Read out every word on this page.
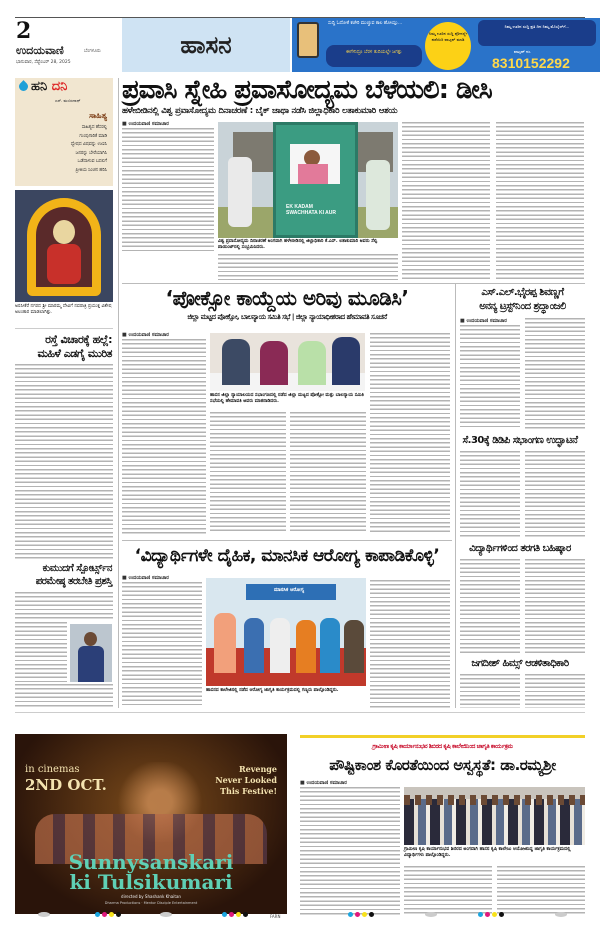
2
ಉದಯವಾಣಿ	ಬೆಂಗಳೂರು
ಭಾನುವಾರ, ಸೆಪ್ಟೆಂಬರ್ 28, 2025
ಹಾಸನ
ಸುದ್ದಿ ಓದೋಕೆ ಕಚೇರಿ ಮುಚ್ಚುವ ಕಾಲ ಹೋಯ್ತು...
ಈಗೇನಿದ್ರೂ ಬೆರಳ ತುದಿಯಲ್ಲೇ ಜಗತ್ತು
ನಿಮ್ಮ ಊರಿನ ಸುದ್ದಿ ಫೋನಲ್ಲೇ ಪಡೆಯಿರಿ ವಾಟ್ಸಪ್ ಮಾಡಿ
ನಿಮ್ಮ ಊರಿನ ಸುದ್ದಿ ಪ್ರತಿ ದಿನ ನಿಮ್ಮ ಮೊಬೈಲ್‌ಗೆ...
ವಾಟ್ಸಪ್ ನಂ.
8310152292
ಹನಿ ದನಿ
ಎಸ್. ಮಂಜುನಾಥ್
ಸಾಹಿತ್ಯ
ಸಾಹಿತ್ಯದ ಹೆಸರಲ್ಲಿ
ಗುಂಪುಗಾರಿಕೆ ಮಾಡಿ
ದ್ವೇಷದ ವಿಷವನ್ನು ಉಣಿಸಿ
ಜನರನ್ನು ಬೇರೆಯಾಗಿಸಿ
ಒಡೆದಾಳುವ ಬದಲಿಗೆ
ಪ್ರೀತಿಯ ಸಿಂಚನ ಹರಿಸಿ
ಅರಸೀಕೆರೆ ನಗರದ ಶ್ರೀ ಮಾರಮ್ಮ ದೇವಿಗೆ ನವರಾತ್ರಿ ಪ್ರಯುಕ್ತ ವಿಶೇಷ ಅಲಂಕಾರ ಮಾಡಲಾಗಿತ್ತು.
ರಸ್ತೆ ವಿಚಾರಕ್ಕೆ ಹಲ್ಲೆ:
ಮಹಿಳೆ ಎಡಗೈ ಮುರಿತ
ಕುಮುದಗೆ ಸ್ಪೋರ್ಟ್ಸ್‌ನ
ಪರಮೇಷ್ಠ ತರಬೇತಿ ಪ್ರಶಸ್ತಿ
ಪ್ರವಾಸಿ ಸ್ನೇಹಿ ಪ್ರವಾಸೋದ್ಯಮ ಬೆಳೆಯಲಿ: ಡೀಸಿ
ಹಳೇಬೀಡಿನಲ್ಲಿ ವಿಶ್ವ ಪ್ರವಾಸೋದ್ಯಮ ದಿನಾಚರಣೆ : ಬೈಕ್ ಜಾಥಾ ನಡೆಸಿ ಜಿಲ್ಲಾಧಿಕಾರಿ ಲತಾಕುಮಾರಿ ಆಶಯ
■ ಉದಯವಾಣಿ ಸಮಾಚಾರ
EK KADAM SWACHHATA KI AUR
ವಿಶ್ವ ಪ್ರವಾಸೋದ್ಯಮ ದಿನಾಚರಣೆ ಅಂಗವಾಗಿ ಹಳೇಬೀಡಿನಲ್ಲಿ ಜಿಲ್ಲಾಧಿಕಾರಿ ಕೆ.ಎಸ್. ಲತಾಕುಮಾರಿ ಅವರು ಸೆಲ್ಫಿ ಪಾಯಿಂಟ್‌ನಲ್ಲಿ ಸಂಭ್ರಮಿಸಿದರು.
‘ಪೋಕ್ಸೋ ಕಾಯ್ದೆಯ ಅರಿವು ಮೂಡಿಸಿ’
ಜಿಲ್ಲಾ ಮಟ್ಟದ ಪೋಕ್ಸೋ, ಬಾಲನ್ಯಾಯ ಸಮಿತಿ ಸಭೆ | ಜಿಲ್ಲಾ ನ್ಯಾಯಾಧೀಶರಾದ ಹೇಮಾವತಿ ಸೂಚನೆ
■ ಉದಯವಾಣಿ ಸಮಾಚಾರ
ಹಾಸನ ಜಿಲ್ಲಾ ನ್ಯಾಯಾಲಯದ ಸಭಾಂಗಣದಲ್ಲಿ ನಡೆದ ಜಿಲ್ಲಾ ಮಟ್ಟದ ಪೋಕ್ಸೋ ಮತ್ತು ಬಾಲನ್ಯಾಯ ಸಮಿತಿ ಸಭೆಯಲ್ಲಿ ಹೇಮಾವತಿ ಅವರು ಮಾತನಾಡಿದರು.
ಎಸ್.ಎಲ್.ಭೈರಪ್ಪ ಶಿವಣ್ಣಗೆ
ಅನನ್ಯ ಟ್ರಸ್ಟ್‌ನಿಂದ ಶ್ರದ್ಧಾಂಜಲಿ
■ ಉದಯವಾಣಿ ಸಮಾಚಾರ
ಸೆ.30ಕ್ಕೆ ಡಿಡಿಪಿ ಸಭಾಂಗಣ ಉದ್ಘಾಟನೆ
ವಿದ್ಯಾರ್ಥಿಗಳಿಂದ ತರಗತಿ ಬಹಿಷ್ಕಾರ
ಜಗದೀಶ್ ಹಿಮ್ಸ್ ಆಡಳಿತಾಧಿಕಾರಿ
‘ವಿದ್ಯಾರ್ಥಿಗಳೇ ದೈಹಿಕ, ಮಾನಸಿಕ ಆರೋಗ್ಯ ಕಾಪಾಡಿಕೊಳ್ಳಿ’
■ ಉದಯವಾಣಿ ಸಮಾಚಾರ
ಮಾನಸಿಕ ಆರೋಗ್ಯ
ಹಾಸನದ ಕಾಲೇಜಿನಲ್ಲಿ ನಡೆದ ಆರೋಗ್ಯ ಜಾಗೃತಿ ಕಾರ್ಯಕ್ರಮದಲ್ಲಿ ಗಣ್ಯರು ಪಾಲ್ಗೊಂಡಿದ್ದರು.
in cinemas
2ND OCT.
Revenge
Never Looked
This Festive!
Sunnysanskari
ki Tulsikumari
directed by Shashank Khaitan
Dharma Productions · Mentor Disciple Entertainment
FARN
ಗ್ರಾಮೀಣ ಕೃಷಿ ಕಾರ್ಯಾನುಭವ ಶಿಬಿರದ ಕೃಷಿ ಕಾಲೇಜಿನಿಂದ ಜಾಗೃತಿ ಕಾರ್ಯಕ್ರಮ
ಪೌಷ್ಟಿಕಾಂಶ ಕೊರತೆಯಿಂದ ಅಸ್ವಸ್ಥತೆ: ಡಾ.ರಮ್ಯಶ್ರೀ
■ ಉದಯವಾಣಿ ಸಮಾಚಾರ
ಗ್ರಾಮೀಣ ಕೃಷಿ ಕಾರ್ಯಾನುಭವ ಶಿಬಿರದ ಅಂಗವಾಗಿ ಹಾಸನ ಕೃಷಿ ಕಾಲೇಜು ಆಯೋಜಿಸಿದ್ದ ಜಾಗೃತಿ ಕಾರ್ಯಕ್ರಮದಲ್ಲಿ ವಿದ್ಯಾರ್ಥಿಗಳು ಪಾಲ್ಗೊಂಡಿದ್ದರು.
